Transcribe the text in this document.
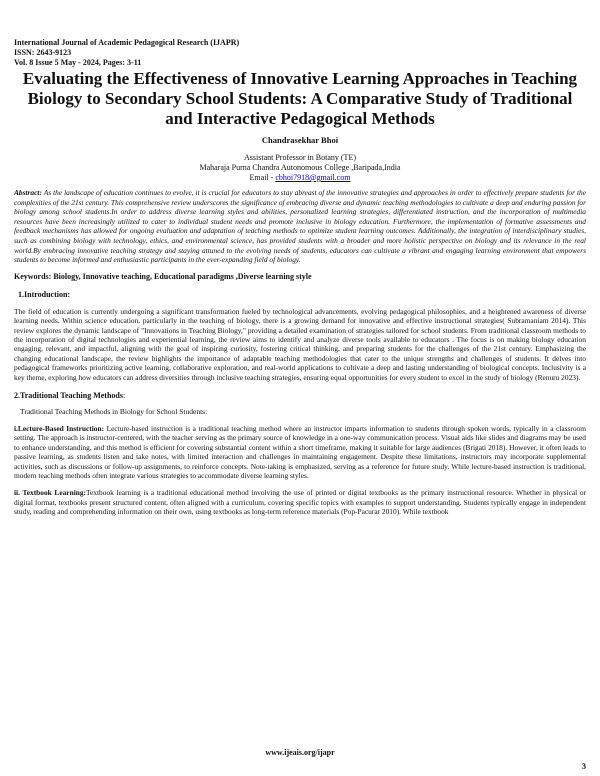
International Journal of Academic Pedagogical Research (IJAPR)
ISSN: 2643-9123
Vol. 8 Issue 5 May - 2024, Pages: 3-11
Evaluating the Effectiveness of Innovative Learning Approaches in Teaching Biology to Secondary School Students: A Comparative Study of Traditional and Interactive Pedagogical Methods
Chandrasekhar Bhoi
Assistant Professor in Botany (TE)
Maharaja Purna Chandra Autonomous College ,Baripada,India
Email - cbhoi7918@gmail.com
Abstract: As the landscape of education continues to evolve, it is crucial for educators to stay abreast of the innovative strategies and approaches in order to effectively prepare students for the complexities of the 21st century. This comprehensive review underscores the significance of embracing diverse and dynamic teaching methodologies to cultivate a deep and enduring passion for biology among school students.In order to address diverse learning styles and abilities, personalized learning strategies, differentiated instruction, and the incorporation of multimedia resources have been increasingly utilized to cater to individual student needs and promote inclusive in biology education. Furthermore, the implementation of formative assessments and feedback mechanisms has allowed for ongoing evaluation and adaptation of teaching methods to optimize student learning outcomes. Additionally, the integration of interdisciplinary studies, such as combining biology with technology, ethics, and environmental science, has provided students with a broader and more holistic perspective on biology and its relevance in the real world.By embracing innovative teaching strategy and staying attuned to the evolving needs of students, educators can cultivate a vibrant and engaging learning environment that empowers students to become informed and enthusiastic participants in the ever-expanding field of biology.
Keywords: Biology, Innovative teaching, Educational paradigms ,Diverse learning style
1.Introduction:

The field of education is currently undergoing a significant transformation fueled by technological advancements, evolving pedagogical philosophies, and a heightened awareness of diverse learning needs. Within science education, particularly in the teaching of biology, there is a growing demand for innovative and effective instructional strategies( Subramaniam 2014). This review explores the dynamic landscape of "Innovations in Teaching Biology," providing a detailed examination of strategies tailored for school students. From traditional classroom methods to the incorporation of digital technologies and experiential learning, the review aims to identify and analyze diverse tools available to educators . The focus is on making biology education engaging, relevant, and impactful, aligning with the goal of inspiring curiosity, fostering critical thinking, and preparing students for the challenges of the 21st century. Emphasizing the changing educational landscape, the review highlights the importance of adaptable teaching methodologies that cater to the unique strengths and challenges of students. It delves into pedagogical frameworks prioritizing active learning, collaborative exploration, and real-world applications to cultivate a deep and lasting understanding of biological concepts. Inclusivity is a key theme, exploring how educators can address diversities through inclusive teaching strategies, ensuring equal opportunities for every student to excel in the study of biology (Renuru 2023).

2.Traditional Teaching Methods:
Traditional Teaching Methods in Biology for School Students:

i.Lecture-Based Instruction: Lecture-based instruction is a traditional teaching method where an instructor imparts information to students through spoken words, typically in a classroom setting. The approach is instructor-centered, with the teacher serving as the primary source of knowledge in a one-way communication process. Visual aids like slides and diagrams may be used to enhance understanding, and this method is efficient for covering substantial content within a short timeframe, making it suitable for large audiences (Brigati 2018). However, it often leads to passive learning, as students listen and take notes, with limited interaction and challenges in maintaining engagement. Despite these limitations, instructors may incorporate supplemental activities, such as discussions or follow-up assignments, to reinforce concepts. Note-taking is emphasized, serving as a reference for future study. While lecture-based instruction is traditional, modern teaching methods often integrate various strategies to accommodate diverse learning styles.

ii. Textbook Learning:Textbook learning is a traditional educational method involving the use of printed or digital textbooks as the primary instructional resource. Whether in physical or digital format, textbooks present structured content, often aligned with a curriculum, covering specific topics with examples to support understanding. Students typically engage in independent study, reading and comprehending information on their own, using textbooks as long-term reference materials (Pop-Pacurar 2010). While textbook

www.ijeais.org/ijapr
3
